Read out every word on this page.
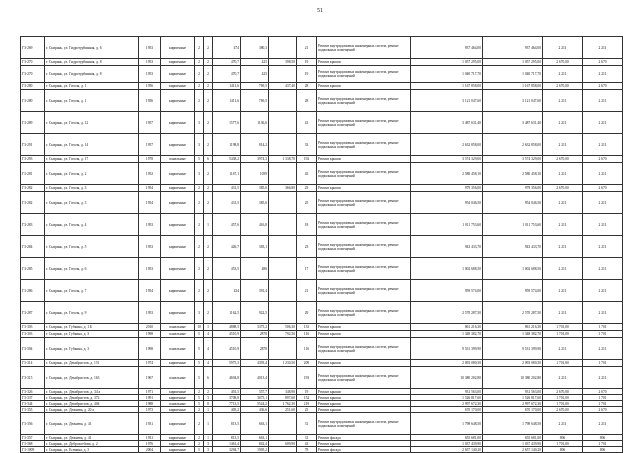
51
Г3-269	г. Сызрань, ул. Гидротурбинная, д. 6	1953	кирпичные	2	2	474	380,3		21	Ремонт внутридомовых инженерных систем, ремонт подвальных помещений	937 464,00	937 464,00	2 211	2 211
Г3-270	г. Сызрань, ул. Гидротурбинная, д. 8	1953	кирпичные	2	2	470,7	425	398,50	19	Ремонт крыши	1 057 295,00	1 057 295,00	2 670,00	2 670
Г3-270	г. Сызрань, ул. Гидротурбинная, д. 8	1953	кирпичные	2	2	470,7	425		19	Ремонт внутридомовых инженерных систем, ремонт подвальных помещений	1 040 717,70	1 040 717,70	2 211	2 211
Г3-280	г. Сызрань, ул. Гоголя, д. 1	1956	кирпичные	2	2	1411,6	769,5	437,40	28	Ремонт крыши	1 167 858,00	1 167 858,00	2 670,00	2 670
Г3-280	г. Сызрань, ул. Гоголя, д. 1	1956	кирпичные	2	2	1411,6	769,5		28	Ремонт внутридомовых инженерных систем, ремонт подвальных помещений	3 121 047,60	3 121 047,60	2 211	2 211
Г3-289	г. Сызрань, ул. Гоголя, д. 12	1957	кирпичные	3	2	1577,6	1136,6		41	Ремонт внутридомовых инженерных систем, ремонт подвальных помещений	3 487 631,40	3 487 631,40	2 211	2 211
Г3-291	г. Сызрань, ул. Гоголя, д. 14	1957	кирпичные	3	2	1198,8	814,2		33	Ремонт внутридомовых инженерных систем, ремонт подвальных помещений	2 632 858,00	2 632 858,00	2 211	2 211
Г3-293	г. Сызрань, ул. Гоголя, д. 17	1978	панельные	5	6	5438,2	3974,3	1 338,70	192	Ремонт крыши	3 574 329,00	3 574 329,00	2 670,00	2 670
Г3-281	г. Сызрань, ул. Гоголя, д. 2	1952	кирпичные	3	2	1167,1	1059		45	Ремонт внутридомовых инженерных систем, ремонт подвальных помещений	2 580 458,10	2 580 458,10	2 211	2 211
Г3-282	г. Сызрань, ул. Гоголя, д. 3	1954	кирпичные	2	2	431,5	385,6	366,80	25	Ремонт крыши	979 356,00	979 356,00	2 670,00	2 670
Г3-282	г. Сызрань, ул. Гоголя, д. 3	1954	кирпичные	2	2	431,5	385,6		25	Ремонт внутридомовых инженерных систем, ремонт подвальных помещений	954 046,50	954 046,50	2 211	2 211
Г3-283	г. Сызрань, ул. Гоголя, д. 4	1953	кирпичные	2	1	457,6	416,8		18	Ремонт внутридомовых инженерных систем, ремонт подвальных помещений	1 011 753,60	1 011 753,60	2 211	2 211
Г3-284	г. Сызрань, ул. Гоголя, д. 5	1953	кирпичные	2	2	426,7	383,1		23	Ремонт внутридомовых инженерных систем, ремонт подвальных помещений	943 433,70	943 433,70	2 211	2 211
Г3-285	г. Сызрань, ул. Гоголя, д. 6	1953	кирпичные	2	2	453,5	486		17	Ремонт внутридомовых инженерных систем, ремонт подвальных помещений	1 002 688,50	1 002 688,50	2 211	2 211
Г3-286	г. Сызрань, ул. Гоголя, д. 7	1954	кирпичные	2	2	434	391,4		21	Ремонт внутридомовых инженерных систем, ремонт подвальных помещений	959 574,00	959 574,00	2 211	2 211
Г3-287	г. Сызрань, ул. Гоголя, д. 9	1953	кирпичные	3	2	1162,5	922,5		29	Ремонт внутридомовых инженерных систем, ремонт подвальных помещений	2 570 287,50	2 570 287,50	2 211	2 211
Г3-303	г. Сызрань, ул. Губкина, д. 1 Б	2010	панельные	10	1	4888,5	3375,2	506,30	133	Ремонт крыши	861 216,30	861 216,30	1 701,00	1 701
Г3-303	г. Сызрань, ул. Губкина, д. 3	1998	панельные	5	4	4510,9	2878	792,50	116	Ремонт крыши	1 348 382,70	1 348 382,70	1 701,00	1 701
Г3-304	г. Сызрань, ул. Губкина, д. 3	1998	панельные	5	4	4510,9	2878		116	Ремонт внутридомовых инженерных систем, ремонт подвальных помещений	9 531 399,90	9 531 399,90	2 211	2 211
Г3-314	г. Сызрань, ул. Декабристов, д. 151	1974	кирпичные	5	4	5975,3	4393,4	1 230,50	209	Ремонт крыши	2 093 080,50	2 093 080,50	1 701,00	1 701
Г3-315	г. Сызрань, ул. Декабристов, д. 163	1967	панельные	5	6	4694,8	4013,4		193	Ремонт внутридомовых инженерных систем, ремонт подвальных помещений	10 380 202,80	10 380 202,80	2 211	2 211
Г3-326	г. Сызрань, ул. Декабристов, д. 34 а	1971	кирпичные	2	2	401,5	357,7	348,90	19	Ремонт крыши	931 563,00	931 563,00	2 670,00	2 670
Г3-337	г. Сызрань, ул. Декабристов, д. 372	1991	кирпичные	5	3	3708,8	3075,1	897,60	152	Ремонт крыши	1 526 817,60	1 526 817,60	1 701,00	1 701
Г3-344	г. Сызрань, ул. Декабристов, д. 404	1988	панельные	5	8	7713,5	5524,2	1 762,30	219	Ремонт крыши	2 997 672,30	2 997 672,30	1 701,00	1 701
Г3-355	г. Сызрань, ул. Дежнева, д. 20 а	1973	кирпичные	2	1	405,2	436,6	251,60	25	Ремонт крыши	670 170,00	670 170,00	2 670,00	2 670
Г3-356	г. Сызрань, ул. Дежнева, д. 41	1931	кирпичные	2	1	813,5	663,1		31	Ремонт внутридомовых инженерных систем, ремонт подвальных помещений	1 798 648,50	1 798 648,50	2 211	2 211
Г3-357	г. Сызрань, ул. Дежнева, д. 41	1931	кирпичные	2	1	813,5	663,1		31	Ремонт фасада	655 681,00	655 681,00	806	806
Г3-368	г. Сызрань, ул. Доброхотбова, д. 2	1976	кирпичные	2	3	1461,4	842,4	609,90	43	Ремонт крыши	1 037 439,90	1 037 439,90	1 701,00	1 701
Г3-1009	г. Сызрань, ул. Есенина, д. 3	2004	кирпичные	5	3	3294,7	1905,2		78	Ремонт фасада	2 657 140,20	2 657 140,20	806	806
